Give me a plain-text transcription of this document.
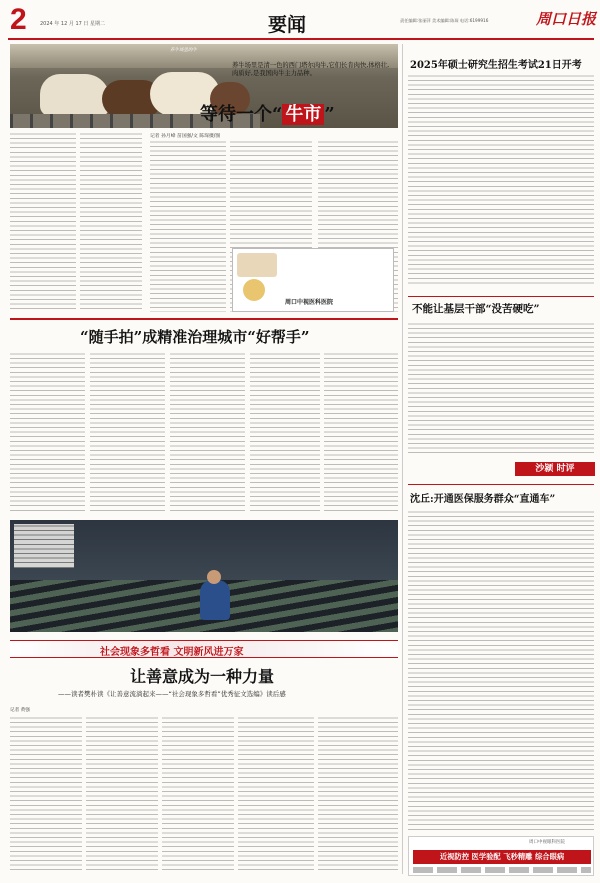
2	2024 年 12 月 17 日 星期二	要闻	责任编辑:张丽萍 美术编辑:陈琛 电话:6199916	周口日报
养牛场里的牛
养牛场里是清一色的西门塔尔肉牛,它们长肯肉快,体格壮,肉质好,是我国肉牛主力品种。
等待一个“ 牛市 ”
记者 孙月峰 苗国强/文 陈琛摄/图
周口中视医科医院
2025年硕士研究生招生考试21日开考
不能让基层干部“没苦硬吃”
沙颍 时评
沈丘:开通医保服务群众“直通车”
“随手拍”成精准治理城市“好帮手”
社会现象多哲看 文明新风进万家
让善意成为一种力量
——读者樊朴读《让善意流淌起来——“社会现象多哲看”优秀征文选编》读后感
记者 黄强
周口中视眼科医院
近视防控 医学验配 飞秒精雕 综合眼病
